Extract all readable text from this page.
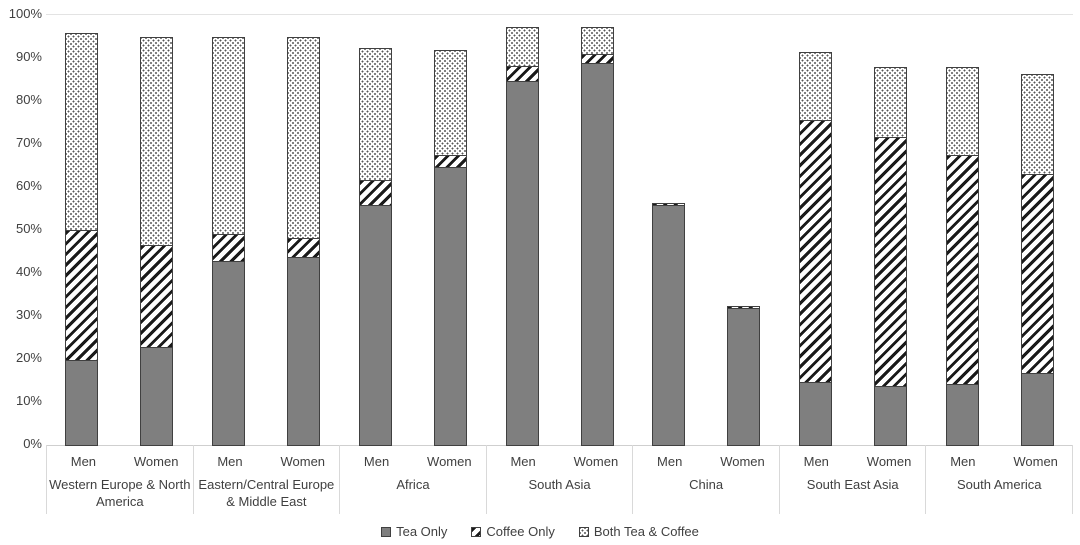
0%
10%
20%
30%
40%
50%
60%
70%
80%
90%
100%
Men	Women
Western Europe & North America
Men	Women
Eastern/Central Europe & Middle East
Men	Women
Africa
Men	Women
South Asia
Men	Women
China
Men	Women
South East Asia
Men	Women
South America
Tea Only	Coffee Only	Both Tea & Coffee
